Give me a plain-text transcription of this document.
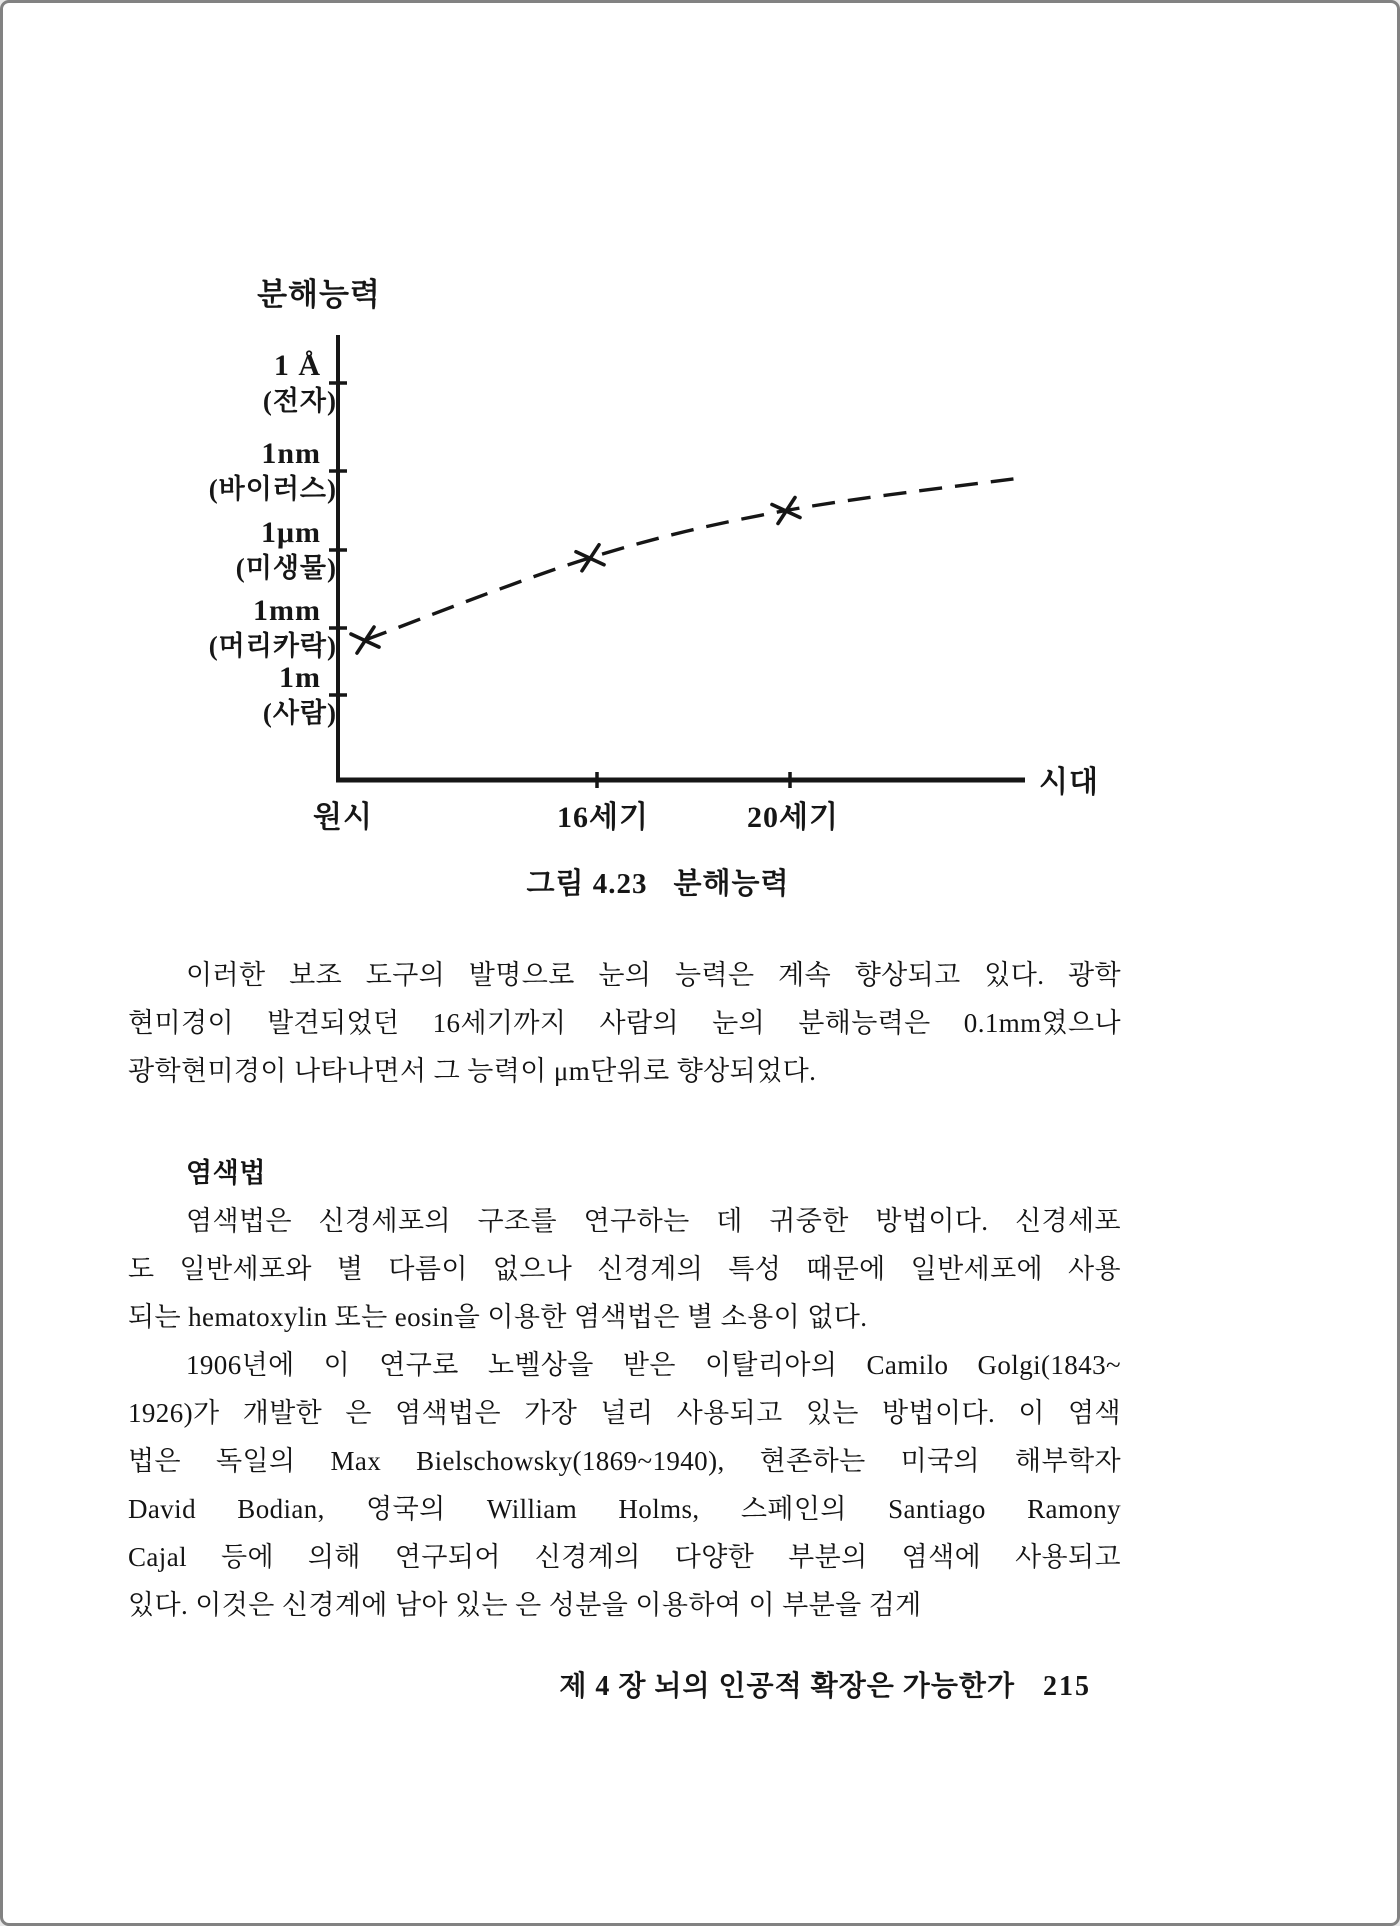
분해능력
1 Å
(전자)
1nm
(바이러스)
1μm
(미생물)
1mm
(머리카락)
1m
(사람)
원시	16세기	20세기
시대
그림 4.23 분해능력
이러한 보조 도구의 발명으로 눈의 능력은 계속 향상되고 있다. 광학
현미경이 발견되었던 16세기까지 사람의 눈의 분해능력은 0.1mm였으나
광학현미경이 나타나면서 그 능력이 μm단위로 향상되었다.
염색법
염색법은 신경세포의 구조를 연구하는 데 귀중한 방법이다. 신경세포
도 일반세포와 별 다름이 없으나 신경계의 특성 때문에 일반세포에 사용
되는 hematoxylin 또는 eosin을 이용한 염색법은 별 소용이 없다.
1906년에 이 연구로 노벨상을 받은 이탈리아의 Camilo Golgi(1843~
1926)가 개발한 은 염색법은 가장 널리 사용되고 있는 방법이다. 이 염색
법은 독일의 Max Bielschowsky(1869~1940), 현존하는 미국의 해부학자
David Bodian, 영국의 William Holms, 스페인의 Santiago Ramony
Cajal 등에 의해 연구되어 신경계의 다양한 부분의 염색에 사용되고
있다. 이것은 신경계에 남아 있는 은 성분을 이용하여 이 부분을 검게
제 4 장 뇌의 인공적 확장은 가능한가 215
